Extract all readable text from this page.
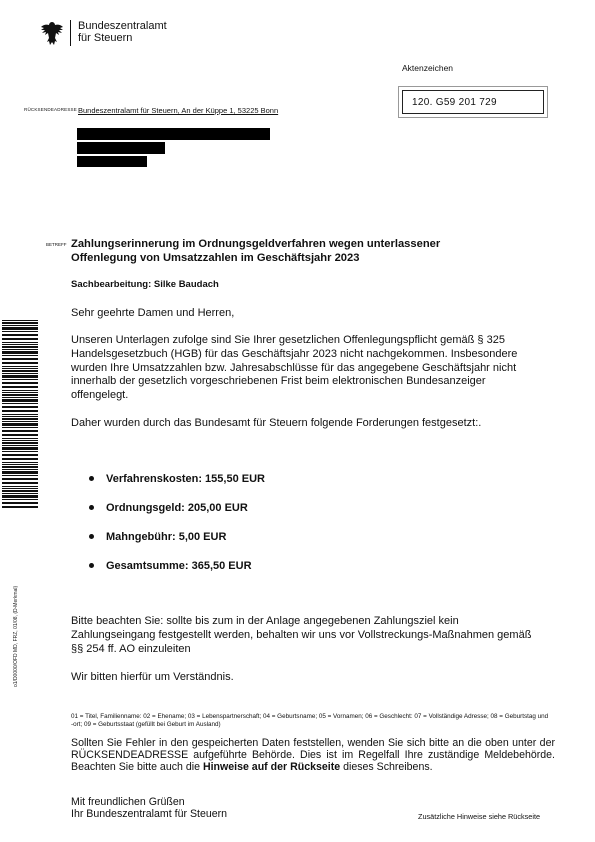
Bundeszentralamt
für Steuern
Aktenzeichen
120. G59 201 729
RÜCKSENDEADRESSE Bundeszentralamt für Steuern, An der Küppe 1, 53225 Bonn
BETREFF Zahlungserinnerung im Ordnungsgeldverfahren wegen unterlassener Offenlegung von Umsatzzahlen im Geschäftsjahr 2023
Sachbearbeitung: Silke Baudach
Sehr geehrte Damen und Herren,
Unseren Unterlagen zufolge sind Sie Ihrer gesetzlichen Offenlegungspflicht gemäß § 325 Handelsgesetzbuch (HGB) für das Geschäftsjahr 2023 nicht nachgekommen. Insbesondere wurden Ihre Umsatzzahlen bzw. Jahresabschlüsse für das angegebene Geschäftsjahr nicht innerhalb der gesetzlich vorgeschriebenen Frist beim elektronischen Bundesanzeiger offengelegt.
Daher wurden durch das Bundesamt für Steuern folgende Forderungen festgesetzt:.
Verfahrenskosten: 155,50 EUR
Ordnungsgeld: 205,00 EUR
Mahngebühr: 5,00 EUR
Gesamtsumme: 365,50 EUR
Bitte beachten Sie: sollte bis zum in der Anlage angegebenen Zahlungsziel kein Zahlungseingang festgestellt werden, behalten wir uns vor Vollstreckungs-Maßnahmen gemäß §§ 254 ff. AO einzuleiten
Wir bitten hierfür um Verständnis.
01 = Titel, Familienname: 02 = Ehename; 03 = Lebenspartnerschaft; 04 = Geburtsname; 05 = Vornamen; 06 = Geschlecht: 07 = Vollständige Adresse; 08 = Geburtstag und -ort; 09 = Geburtsstaat (gefüllt bei Geburt im Ausland)
Sollten Sie Fehler in den gespeicherten Daten feststellen, wenden Sie sich bitte an die oben unter der RÜCKSENDEADRESSE aufgeführte Behörde. Dies ist im Regelfall Ihre zuständige Meldebehörde. Beachten Sie bitte auch die Hinweise auf der Rückseite dieses Schreibens.
Mit freundlichen Grüßen
Ihr Bundeszentralamt für Steuern	Zusätzliche Hinweise siehe Rückseite
o1/D0000/OFD MD, FRZ, 01/08, (D-Merkmal)
